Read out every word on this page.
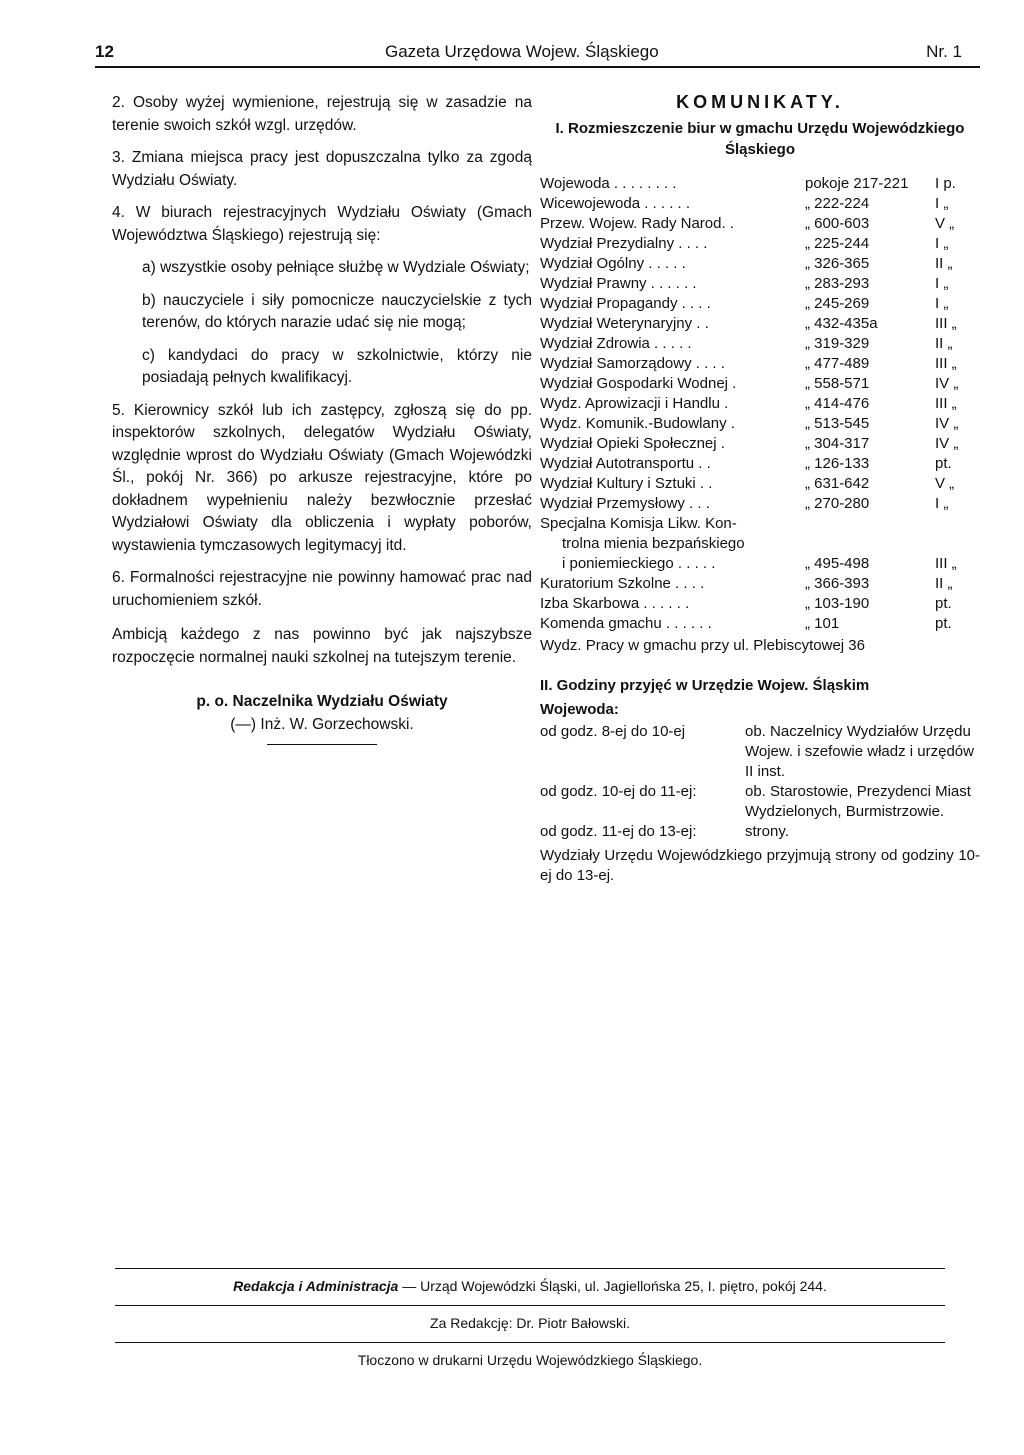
12	Gazeta Urzędowa Wojew. Śląskiego	Nr. 1

2. Osoby wyżej wymienione, rejestrują się w zasadzie na terenie swoich szkół wzgl. urzędów.

3. Zmiana miejsca pracy jest dopuszczalna tylko za zgodą Wydziału Oświaty.

4. W biurach rejestracyjnych Wydziału Oświaty (Gmach Województwa Śląskiego) rejestrują się:

a) wszystkie osoby pełniące służbę w Wydziale Oświaty;

b) nauczyciele i siły pomocnicze nauczycielskie z tych terenów, do których narazie udać się nie mogą;

c) kandydaci do pracy w szkolnictwie, którzy nie posiadają pełnych kwalifikacyj.

5. Kierownicy szkół lub ich zastępcy, zgłoszą się do pp. inspektorów szkolnych, delegatów Wydziału Oświaty, względnie wprost do Wydziału Oświaty (Gmach Wojewódzki Śl., pokój Nr. 366) po arkusze rejestracyjne, które po dokładnem wypełnieniu należy bezwłocznie przesłać Wydziałowi Oświaty dla obliczenia i wypłaty poborów, wystawienia tymczasowych legitymacyj itd.

6. Formalności rejestracyjne nie powinny hamować prac nad uruchomieniem szkół.

Ambicją każdego z nas powinno być jak najszybsze rozpoczęcie normalnej nauki szkolnej na tutejszym terenie.

p. o. Naczelnika Wydziału Oświaty
(—) Inż. W. Gorzechowski.
KOMUNIKATY.
I. Rozmieszczenie biur w gmachu Urzędu Wojewódzkiego Śląskiego
Wojewoda . . . . . . . .	pokoje 217-221	I p.
Wicewojewoda . . . . . .	„ 222-224	I „
Przew. Wojew. Rady Narod. .	„ 600-603	V „
Wydział Prezydialny . . . .	„ 225-244	I „
Wydział Ogólny . . . . .	„ 326-365	II „
Wydział Prawny . . . . . .	„ 283-293	I „
Wydział Propagandy . . . .	„ 245-269	I „
Wydział Weterynaryjny . .	„ 432-435a	III „
Wydział Zdrowia . . . . .	„ 319-329	II „
Wydział Samorządowy . . . .	„ 477-489	III „
Wydział Gospodarki Wodnej .	„ 558-571	IV „
Wydz. Aprowizacji i Handlu .	„ 414-476	III „
Wydz. Komunik.-Budowlany .	„ 513-545	IV „
Wydział Opieki Społecznej .	„ 304-317	IV „
Wydział Autotransportu . .	„ 126-133	pt.
Wydział Kultury i Sztuki . .	„ 631-642	V „
Wydział Przemysłowy . . .	„ 270-280	I „
Specjalna Komisja Likw. Kon-
trolna mienia bezpańskiego
i poniemieckiego . . . . .	„ 495-498	III „
Kuratorium Szkolne . . . .	„ 366-393	II „
Izba Skarbowa . . . . . .	„ 103-190	pt.
Komenda gmachu . . . . . .	„ 101	pt.
Wydz. Pracy w gmachu przy ul. Plebiscytowej 36
II. Godziny przyjęć w Urzędzie Wojew. Śląskim
Wojewoda:
od godz. 8-ej do 10-ej	ob. Naczelnicy Wydziałów Urzędu Wojew. i szefowie władz i urzędów II inst.
od godz. 10-ej do 11-ej:	ob. Starostowie, Prezydenci Miast Wydzielonych, Burmistrzowie.
od godz. 11-ej do 13-ej:	strony.
Wydziały Urzędu Wojewódzkiego przyjmują strony od godziny 10-ej do 13-ej.
Redakcja i Administracja — Urząd Wojewódzki Śląski, ul. Jagiellońska 25, I. piętro, pokój 244.
Za Redakcję: Dr. Piotr Bałowski.
Tłoczono w drukarni Urzędu Wojewódzkiego Śląskiego.
